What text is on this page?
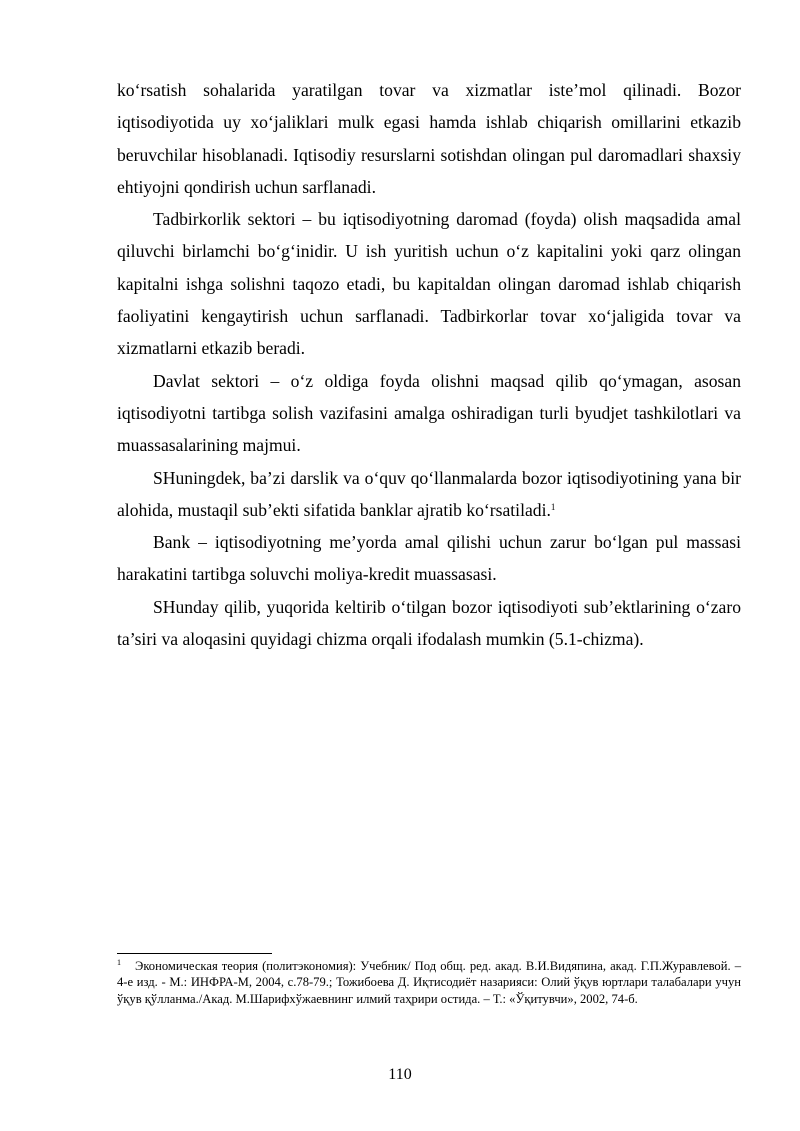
ko‘rsatish sohalarida yaratilgan tovar va xizmatlar iste’mol qilinadi. Bozor iqtisodiyotida uy xo‘jaliklari mulk egasi hamda ishlab chiqarish omillarini etkazib beruvchilar hisoblanadi. Iqtisodiy resurslarni sotishdan olingan pul daromadlari shaxsiy ehtiyojni qondirish uchun sarflanadi.

Tadbirkorlik sektori – bu iqtisodiyotning daromad (foyda) olish maqsadida amal qiluvchi birlamchi bo‘g‘inidir. U ish yuritish uchun o‘z kapitalini yoki qarz olingan kapitalni ishga solishni taqozo etadi, bu kapitaldan olingan daromad ishlab chiqarish faoliyatini kengaytirish uchun sarflanadi. Tadbirkorlar tovar xo‘jaligida tovar va xizmatlarni etkazib beradi.

Davlat sektori – o‘z oldiga foyda olishni maqsad qilib qo‘ymagan, asosan iqtisodiyotni tartibga solish vazifasini amalga oshiradigan turli byudjet tashkilotlari va muassasalarining majmui.

SHuningdek, ba’zi darslik va o‘quv qo‘llanmalarda bozor iqtisodiyotining yana bir alohida, mustaqil sub’ekti sifatida banklar ajratib ko‘rsatiladi.$^1$

Bank – iqtisodiyotning me’yorda amal qilishi uchun zarur bo‘lgan pul massasi harakatini tartibga soluvchi moliya-kredit muassasasi.

SHunday qilib, yuqorida keltirib o‘tilgan bozor iqtisodiyoti sub’ektlarining o‘zaro ta’siri va aloqasini quyidagi chizma orqali ifodalash mumkin (5.1-chizma).

$^1$ Экономическая теория (политэкономия): Учебник/ Под общ. ред. акад. В.И.Видяпина, акад. Г.П.Журавлевой. – 4-е изд. - М.: ИНФРА-М, 2004, с.78-79.; Тожибоева Д. Иқтисодиёт назарияси: Олий ўқув юртлари талабалари учун ўқув қўлланма./Акад. М.Шарифхўжаевнинг илмий таҳрири остида. – Т.: «Ўқитувчи», 2002, 74-б.
110
